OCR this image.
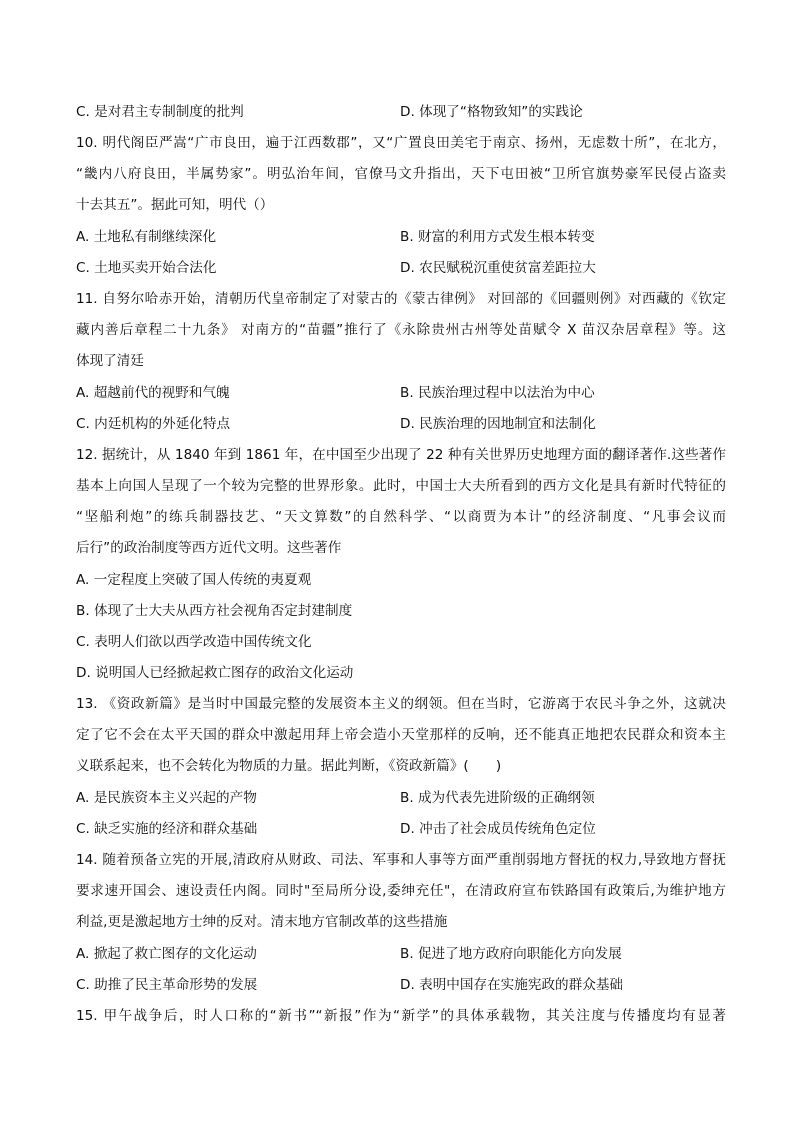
C. 是对君主专制制度的批判	D. 体现了“格物致知”的实践论
10. 明代阁臣严嵩“广市良田，遍于江西数郡”，又“广置良田美宅于南京、扬州，无虑数十所”，在北方，
“畿内八府良田，半属势家”。明弘治年间，官僚马文升指出，天下屯田被“卫所官旗势豪军民侵占盗卖
十去其五”。据此可知，明代（）
A. 土地私有制继续深化	B. 财富的利用方式发生根本转变
C. 土地买卖开始合法化	D. 农民赋税沉重使贫富差距拉大
11. 自努尔哈赤开始，清朝历代皇帝制定了对蒙古的《蒙古律例》 对回部的《回疆则例》对西藏的《钦定
藏内善后章程二十九条》 对南方的“苗疆”推行了《永除贵州古州等处苗赋令 X 苗汉杂居章程》等。这
体现了清廷
A. 超越前代的视野和气魄	B. 民族治理过程中以法治为中心
C. 内廷机构的外延化特点	D. 民族治理的因地制宜和法制化
12. 据统计，从 1840 年到 1861 年，在中国至少出现了 22 种有关世界历史地理方面的翻译著作.这些著作
基本上向国人呈现了一个较为完整的世界形象。此时，中国士大夫所看到的西方文化是具有新时代特征的
“坚船利炮”的练兵制器技艺、“天文算数”的自然科学、“以商贾为本计”的经济制度、“凡事会议而
后行”的政治制度等西方近代文明。这些著作
A. 一定程度上突破了国人传统的夷夏观
B. 体现了士大夫从西方社会视角否定封建制度
C. 表明人们欲以西学改造中国传统文化
D. 说明国人已经掀起救亡图存的政治文化运动
13. 《资政新篇》是当时中国最完整的发展资本主义的纲领。但在当时，它游离于农民斗争之外，这就决
定了它不会在太平天国的群众中激起用拜上帝会造小天堂那样的反响，还不能真正地把农民群众和资本主
义联系起来，也不会转化为物质的力量。据此判断，《资政新篇》(　　)
A. 是民族资本主义兴起的产物	B. 成为代表先进阶级的正确纲领
C. 缺乏实施的经济和群众基础	D. 冲击了社会成员传统角色定位
14. 随着预备立宪的开展,清政府从财政、司法、军事和人事等方面严重削弱地方督抚的权力,导致地方督抚
要求速开国会、速设责任内阁。同时"至局所分设,委绅充任"，在清政府宣布铁路国有政策后,为维护地方
利益,更是激起地方士绅的反对。清末地方官制改革的这些措施
A. 掀起了救亡图存的文化运动	B. 促进了地方政府向职能化方向发展
C. 助推了民主革命形势的发展	D. 表明中国存在实施宪政的群众基础
15. 甲午战争后，时人口称的“新书”“新报”作为“新学”的具体承载物，其关注度与传播度均有显著
